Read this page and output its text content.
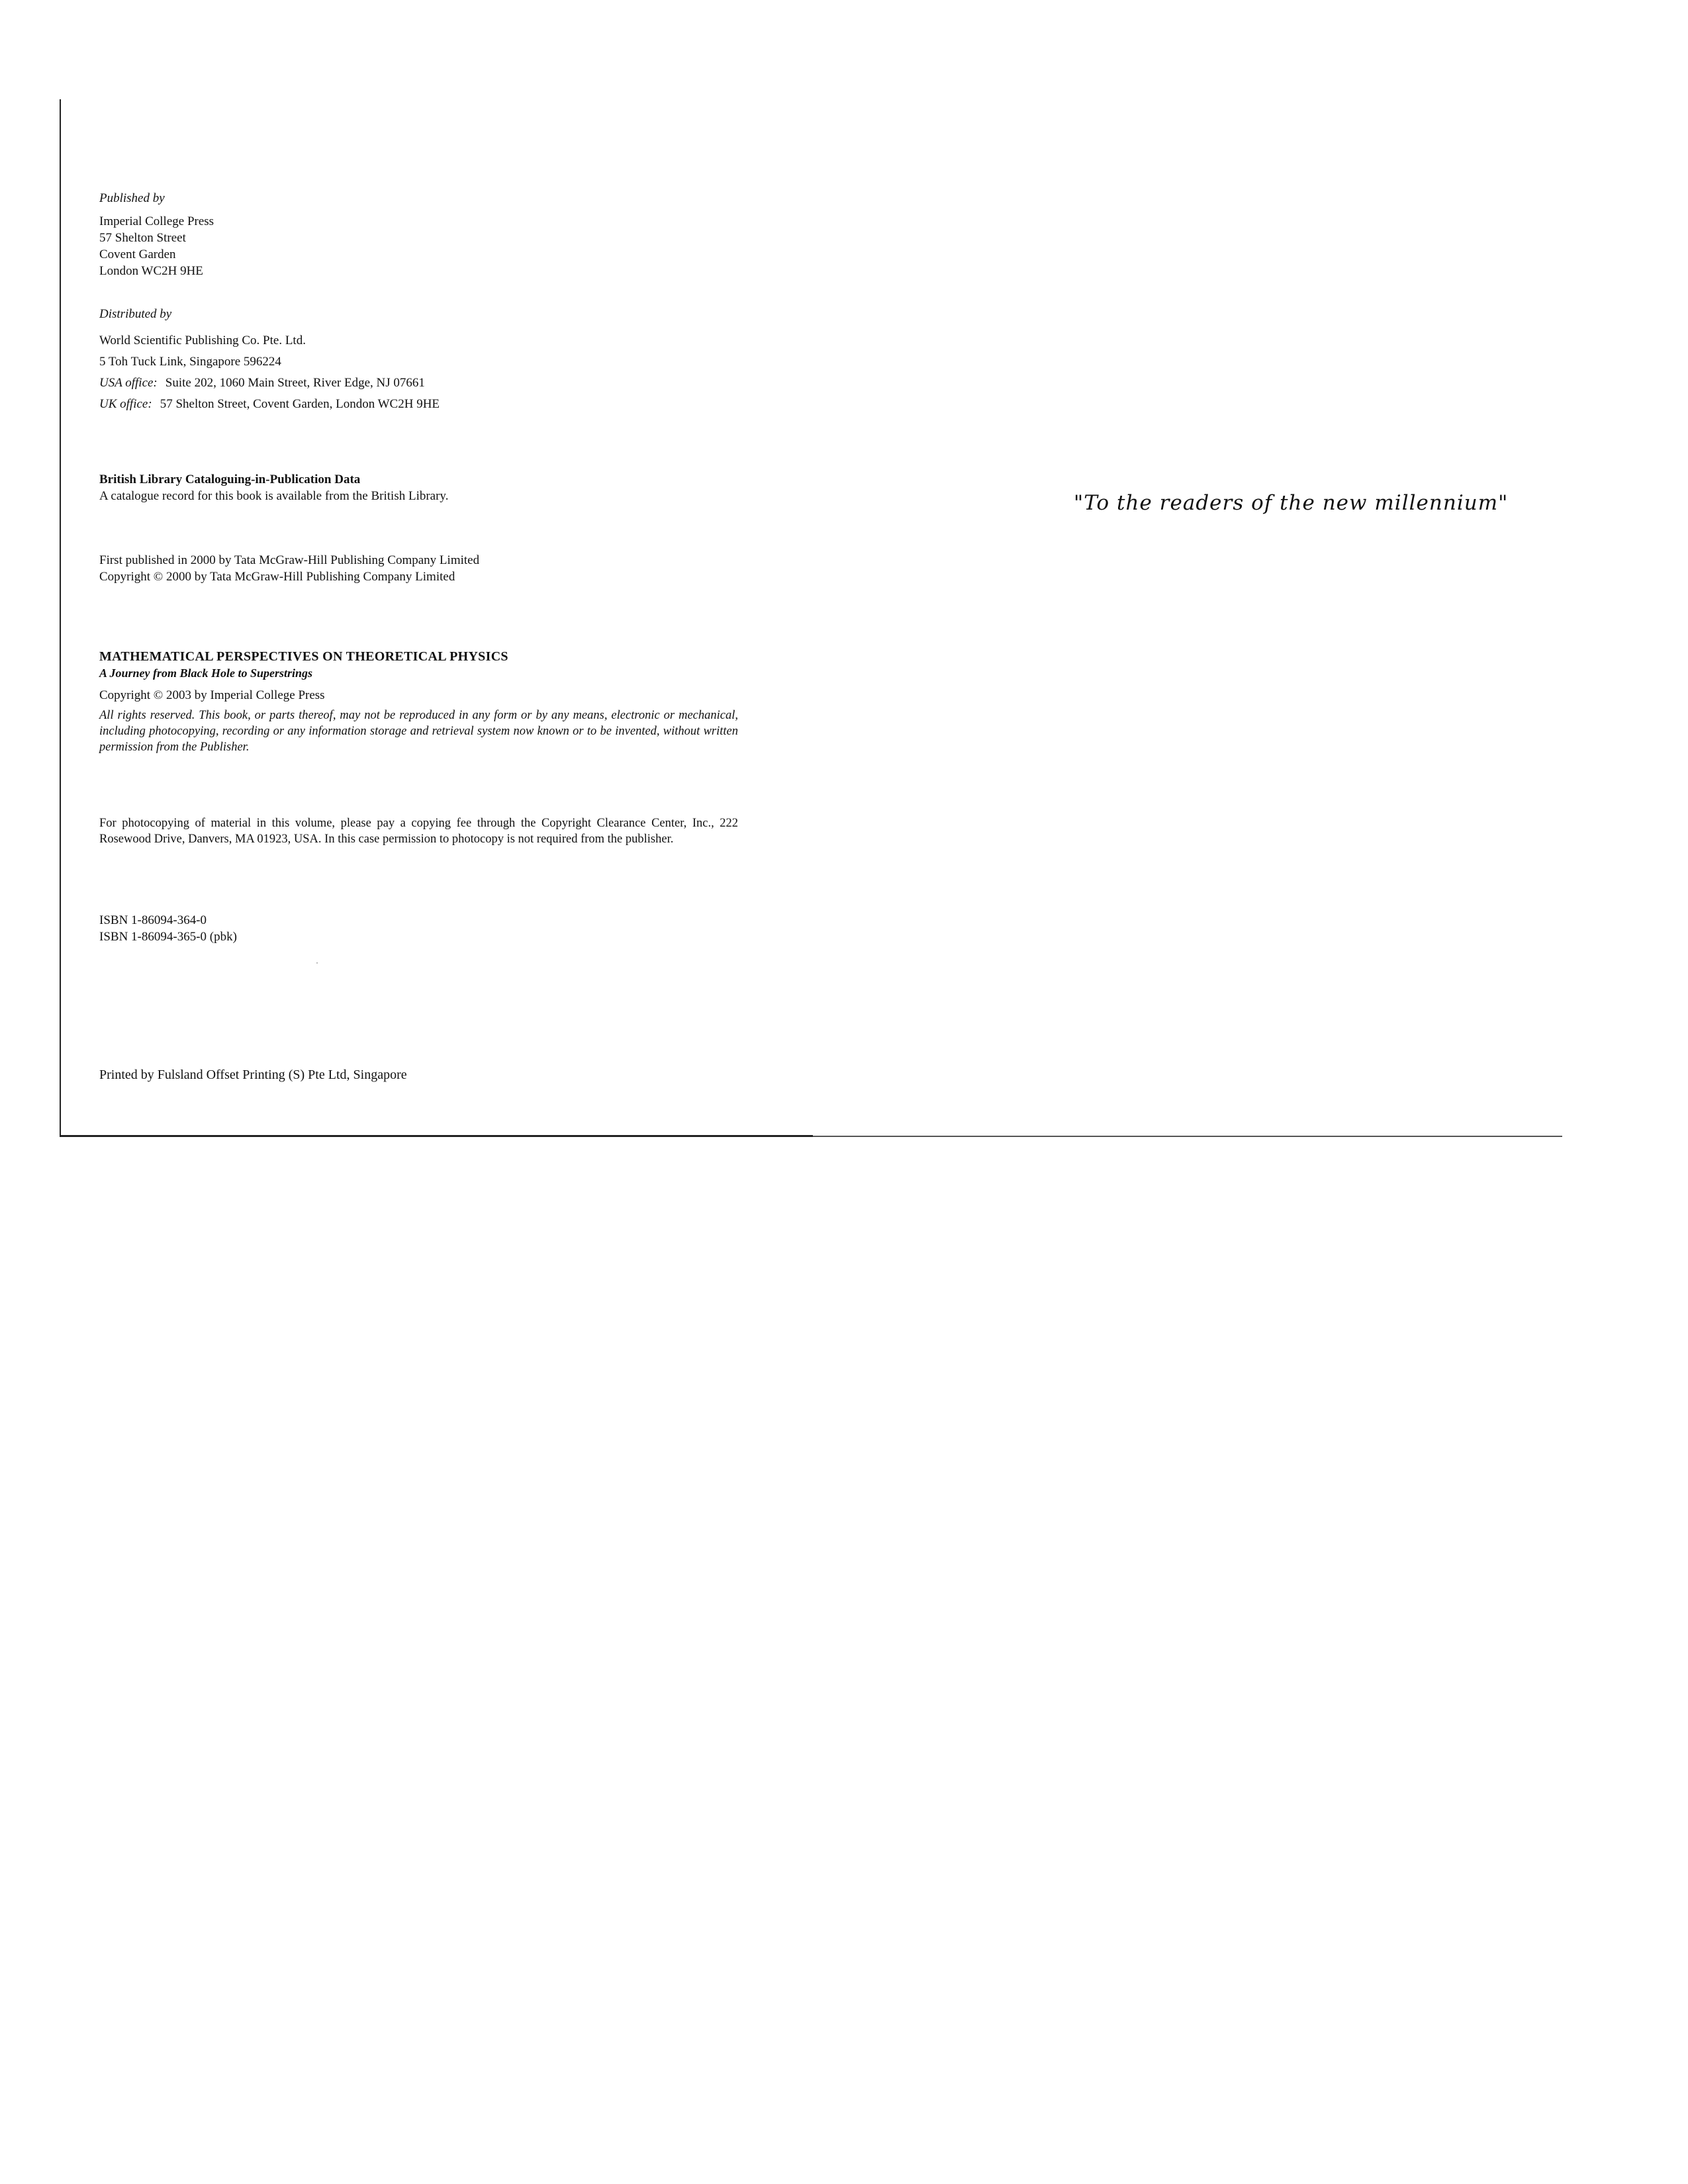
Published by
Imperial College Press
57 Shelton Street
Covent Garden
London WC2H 9HE
Distributed by
World Scientific Publishing Co. Pte. Ltd.
5 Toh Tuck Link, Singapore 596224
USA office: Suite 202, 1060 Main Street, River Edge, NJ 07661
UK office: 57 Shelton Street, Covent Garden, London WC2H 9HE
British Library Cataloguing-in-Publication Data
A catalogue record for this book is available from the British Library.
First published in 2000 by Tata McGraw-Hill Publishing Company Limited
Copyright © 2000 by Tata McGraw-Hill Publishing Company Limited
MATHEMATICAL PERSPECTIVES ON THEORETICAL PHYSICS
A Journey from Black Hole to Superstrings
Copyright © 2003 by Imperial College Press
All rights reserved. This book, or parts thereof, may not be reproduced in any form or by any means, electronic or mechanical, including photocopying, recording or any information storage and retrieval system now known or to be invented, without written permission from the Publisher.
For photocopying of material in this volume, please pay a copying fee through the Copyright Clearance Center, Inc., 222 Rosewood Drive, Danvers, MA 01923, USA. In this case permission to photocopy is not required from the publisher.
ISBN 1-86094-364-0
ISBN 1-86094-365-0 (pbk)
Printed by Fulsland Offset Printing (S) Pte Ltd, Singapore
"To the readers of the new millennium"
